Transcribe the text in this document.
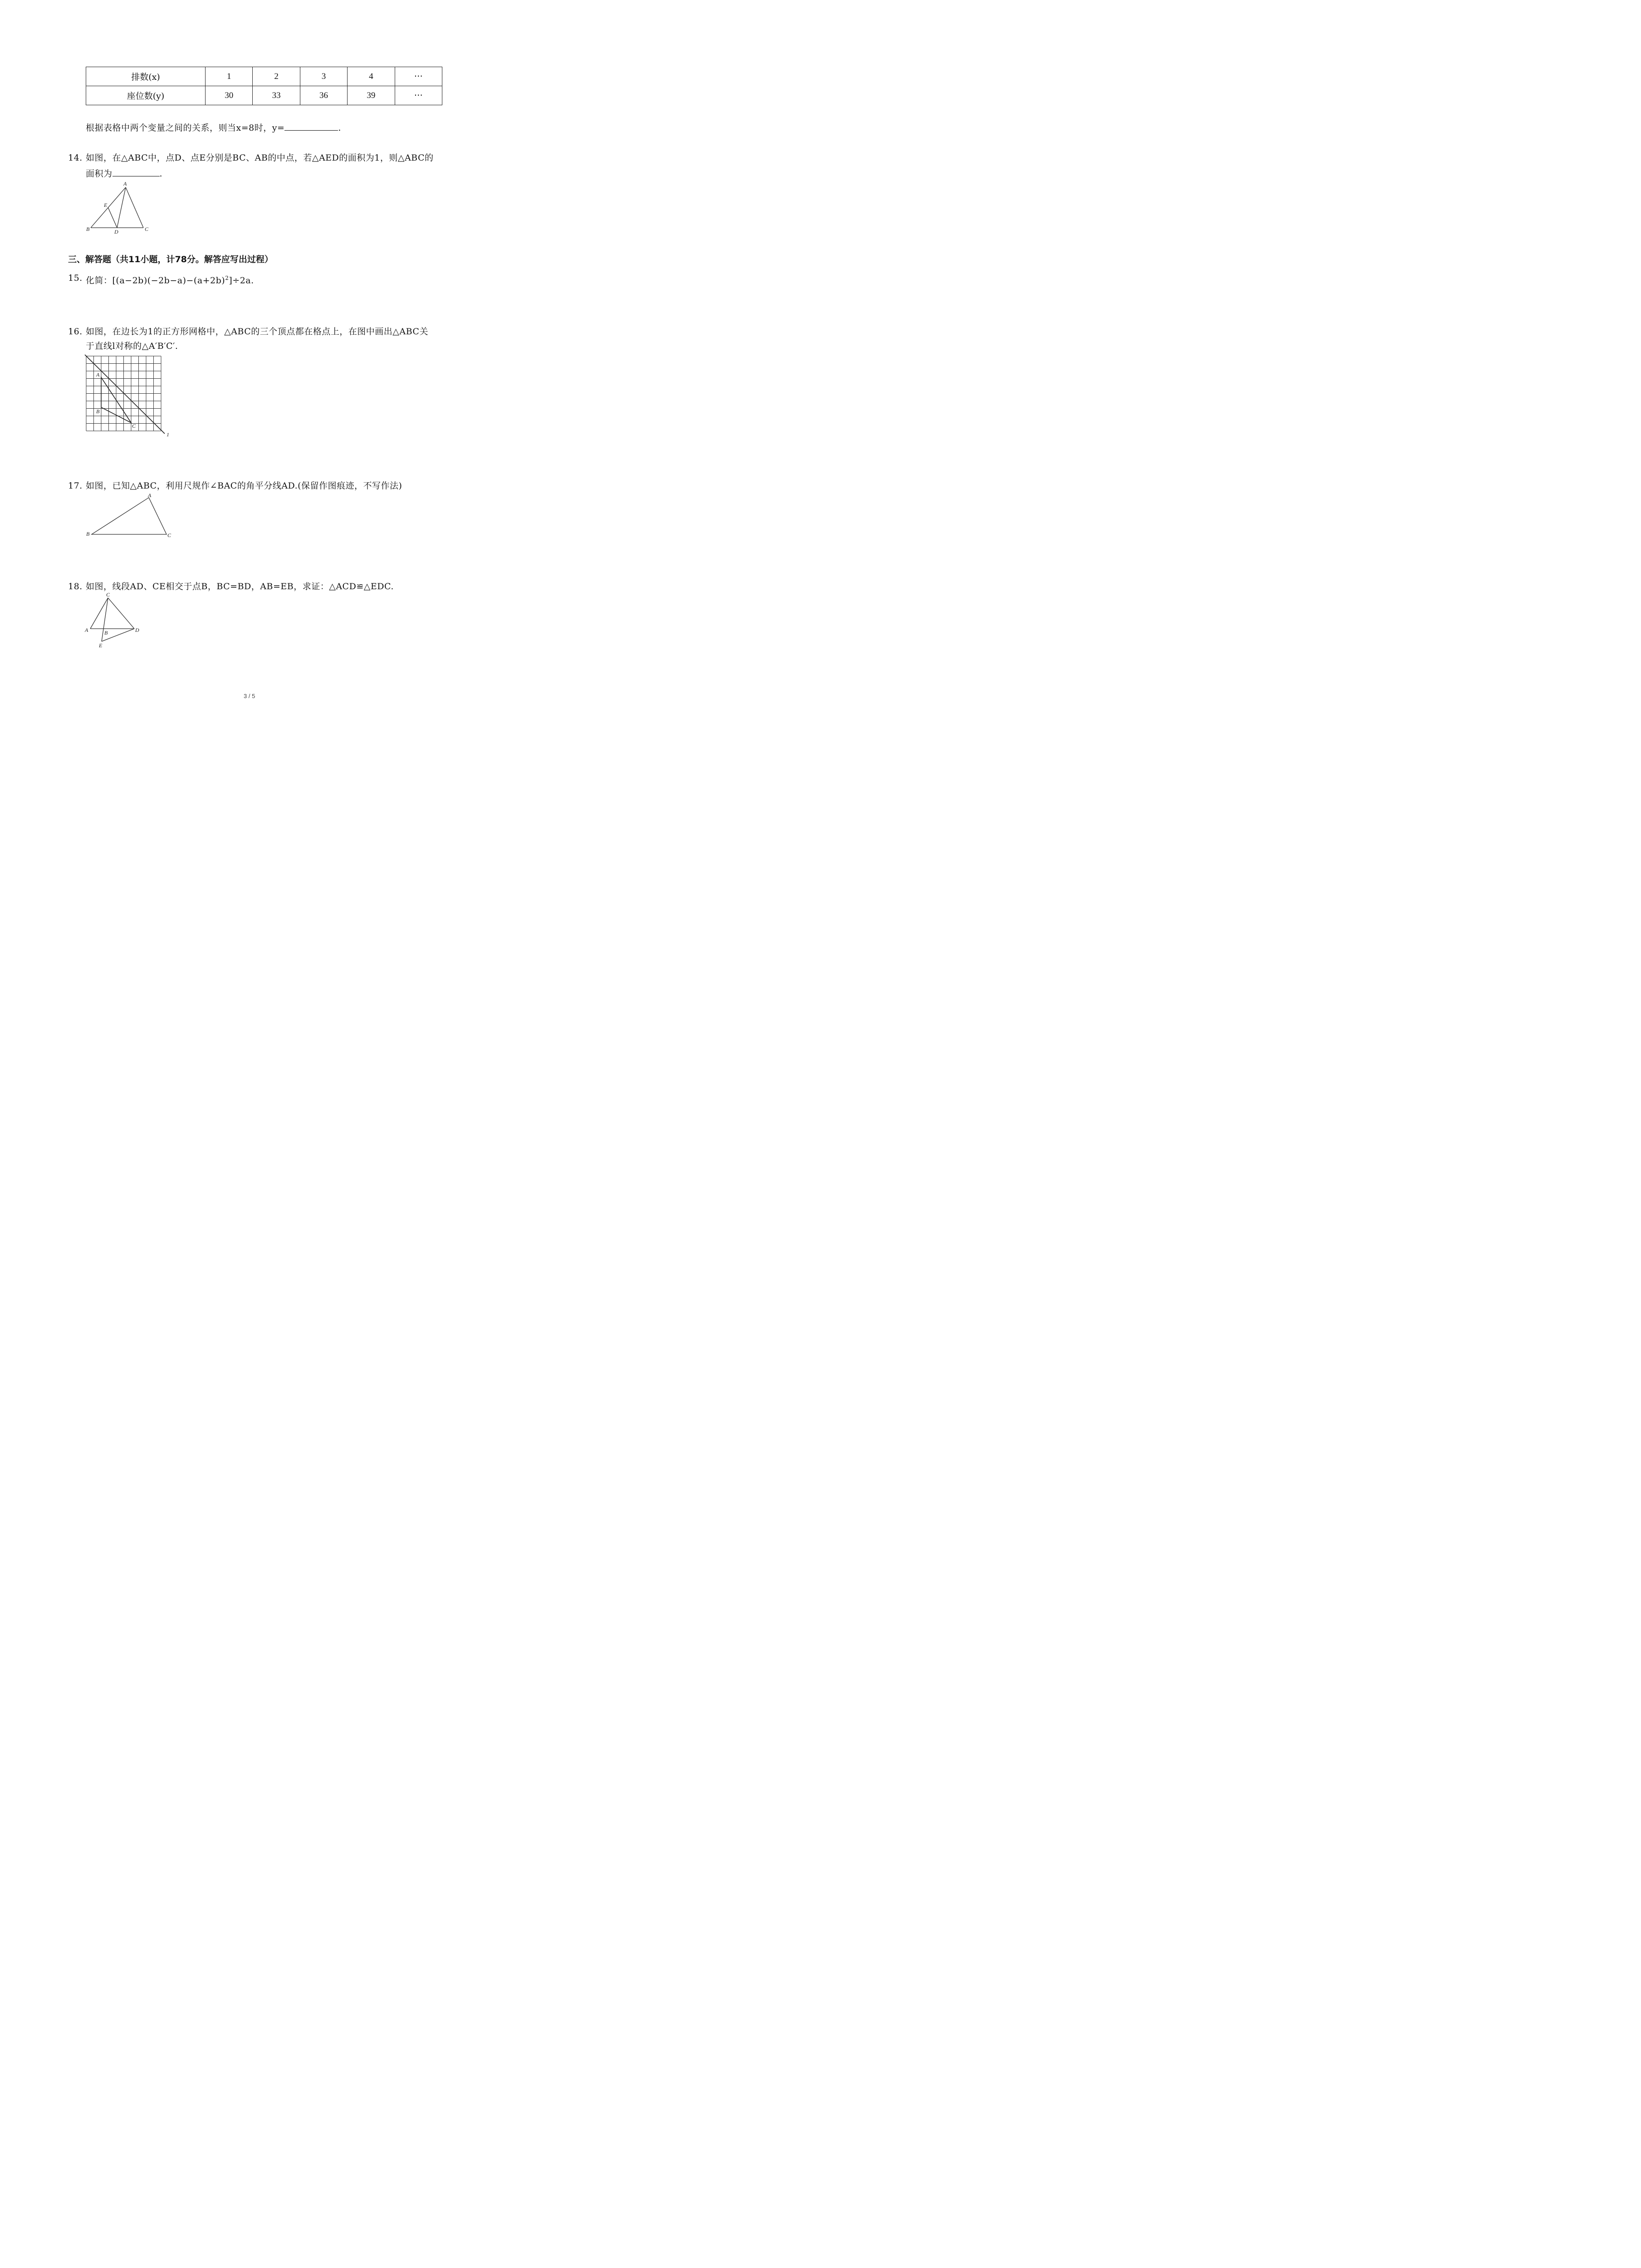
排数(x)	1	2	3	4	⋯
座位数(y)	30	33	36	39	⋯
根据表格中两个变量之间的关系，则当x=8时，y=	.
14. 如图，在△ABC中，点D、点E分别是BC、AB的中点，若△AED的面积为1，则△ABC的
面积为	.
A
E
B	D	C
三、解答题（共11小题，计78分。解答应写出过程）
15. 化简：$[(a-2b)(-2b-a)-(a+2b)^2]\div 2a$.
16. 如图，在边长为1的正方形网格中，△ABC的三个顶点都在格点上，在图中画出△ABC关
于直线l对称的△A′B′C′.
A
B
C
1
17. 如图，已知△ABC，利用尺规作∠BAC的角平分线AD.(保留作图痕迹，不写作法)
A
B	C
18. 如图，线段AD、CE相交于点B，BC=BD，AB=EB，求证：△ACD≌△EDC.
C
A	B	D
E
3 / 5
